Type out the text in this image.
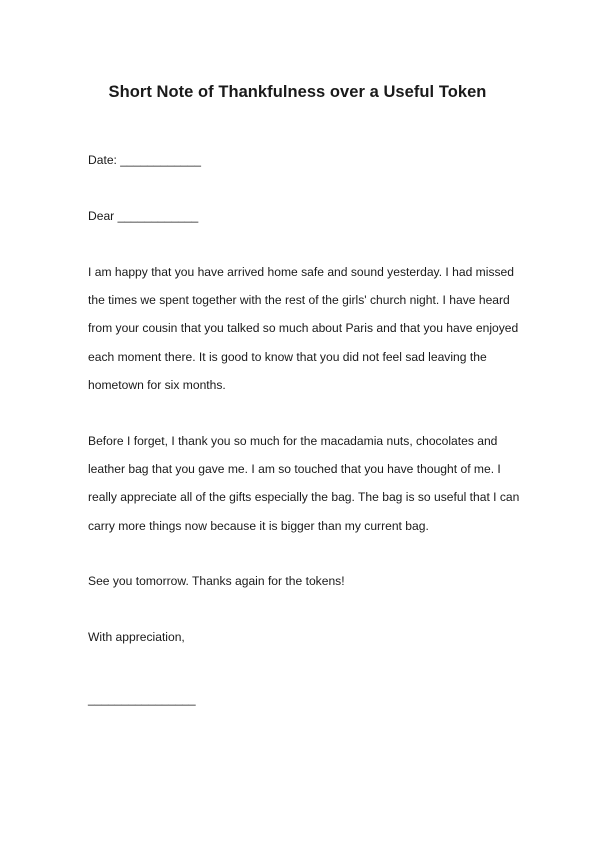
Short Note of Thankfulness over a Useful Token
Date: ____________
Dear ____________
I am happy that you have arrived home safe and sound yesterday. I had missed
the times we spent together with the rest of the girls' church night. I have heard
from your cousin that you talked so much about Paris and that you have enjoyed
each moment there. It is good to know that you did not feel sad leaving the
hometown for six months.
Before I forget, I thank you so much for the macadamia nuts, chocolates and
leather bag that you gave me. I am so touched that you have thought of me. I
really appreciate all of the gifts especially the bag. The bag is so useful that I can
carry more things now because it is bigger than my current bag.
See you tomorrow. Thanks again for the tokens!
With appreciation,
________________
